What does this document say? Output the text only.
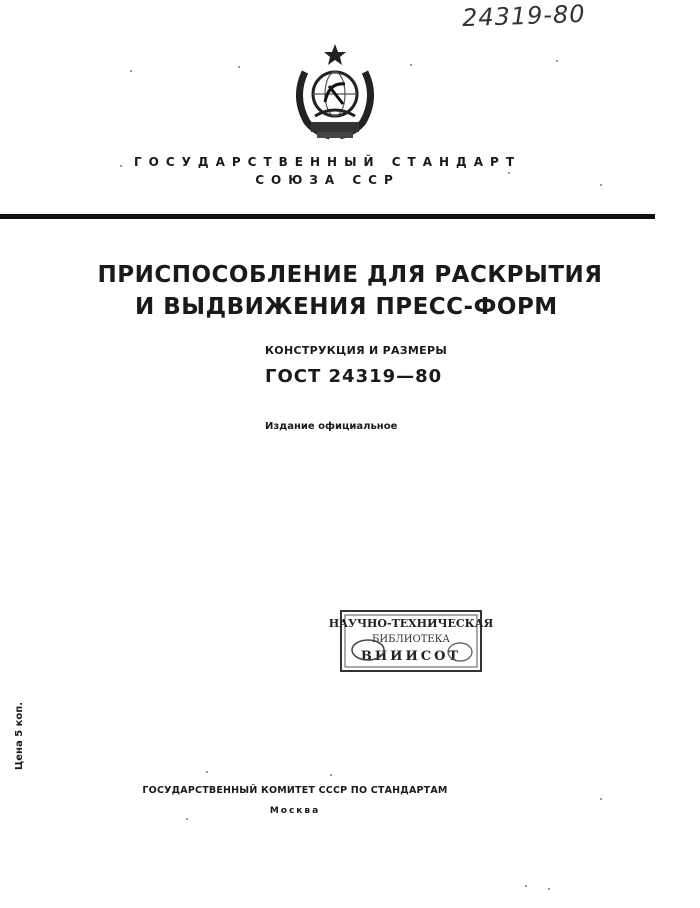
24319-80
ГОСУДАРСТВЕННЫЙ СТАНДАРТ
СОЮЗА ССР
ПРИСПОСОБЛЕНИЕ ДЛЯ РАСКРЫТИЯ
И ВЫДВИЖЕНИЯ ПРЕСС-ФОРМ
КОНСТРУКЦИЯ И РАЗМЕРЫ
ГОСТ 24319—80
Издание официальное
НАУЧНО-ТЕХНИЧЕСКАЯ
БИБЛИОТЕКА
ВНИИСОТ
Цена 5 коп.
ГОСУДАРСТВЕННЫЙ КОМИТЕТ СССР ПО СТАНДАРТАМ
Москва
